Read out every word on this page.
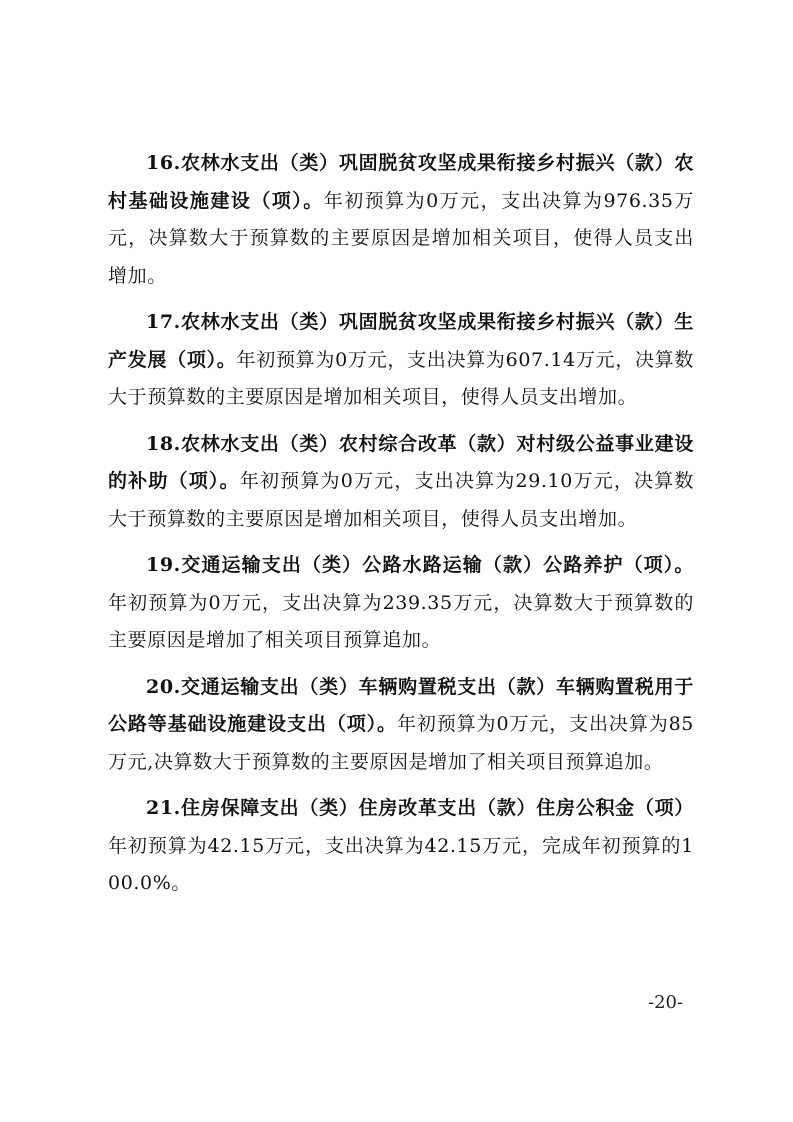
16.农林水支出（类）巩固脱贫攻坚成果衔接乡村振兴（款）农村基础设施建设（项）。年初预算为0万元，支出决算为976.35万元，决算数大于预算数的主要原因是增加相关项目，使得人员支出增加。

17.农林水支出（类）巩固脱贫攻坚成果衔接乡村振兴（款）生产发展（项）。年初预算为0万元，支出决算为607.14万元，决算数大于预算数的主要原因是增加相关项目，使得人员支出增加。

18.农林水支出（类）农村综合改革（款）对村级公益事业建设的补助（项）。年初预算为0万元，支出决算为29.10万元，决算数大于预算数的主要原因是增加相关项目，使得人员支出增加。

19.交通运输支出（类）公路水路运输（款）公路养护（项）。年初预算为0万元，支出决算为239.35万元，决算数大于预算数的主要原因是增加了相关项目预算追加。

20.交通运输支出（类）车辆购置税支出（款）车辆购置税用于公路等基础设施建设支出（项）。年初预算为0万元，支出决算为85万元,决算数大于预算数的主要原因是增加了相关项目预算追加。

21.住房保障支出（类）住房改革支出（款）住房公积金（项）年初预算为42.15万元，支出决算为42.15万元，完成年初预算的100.0%。

-20-
